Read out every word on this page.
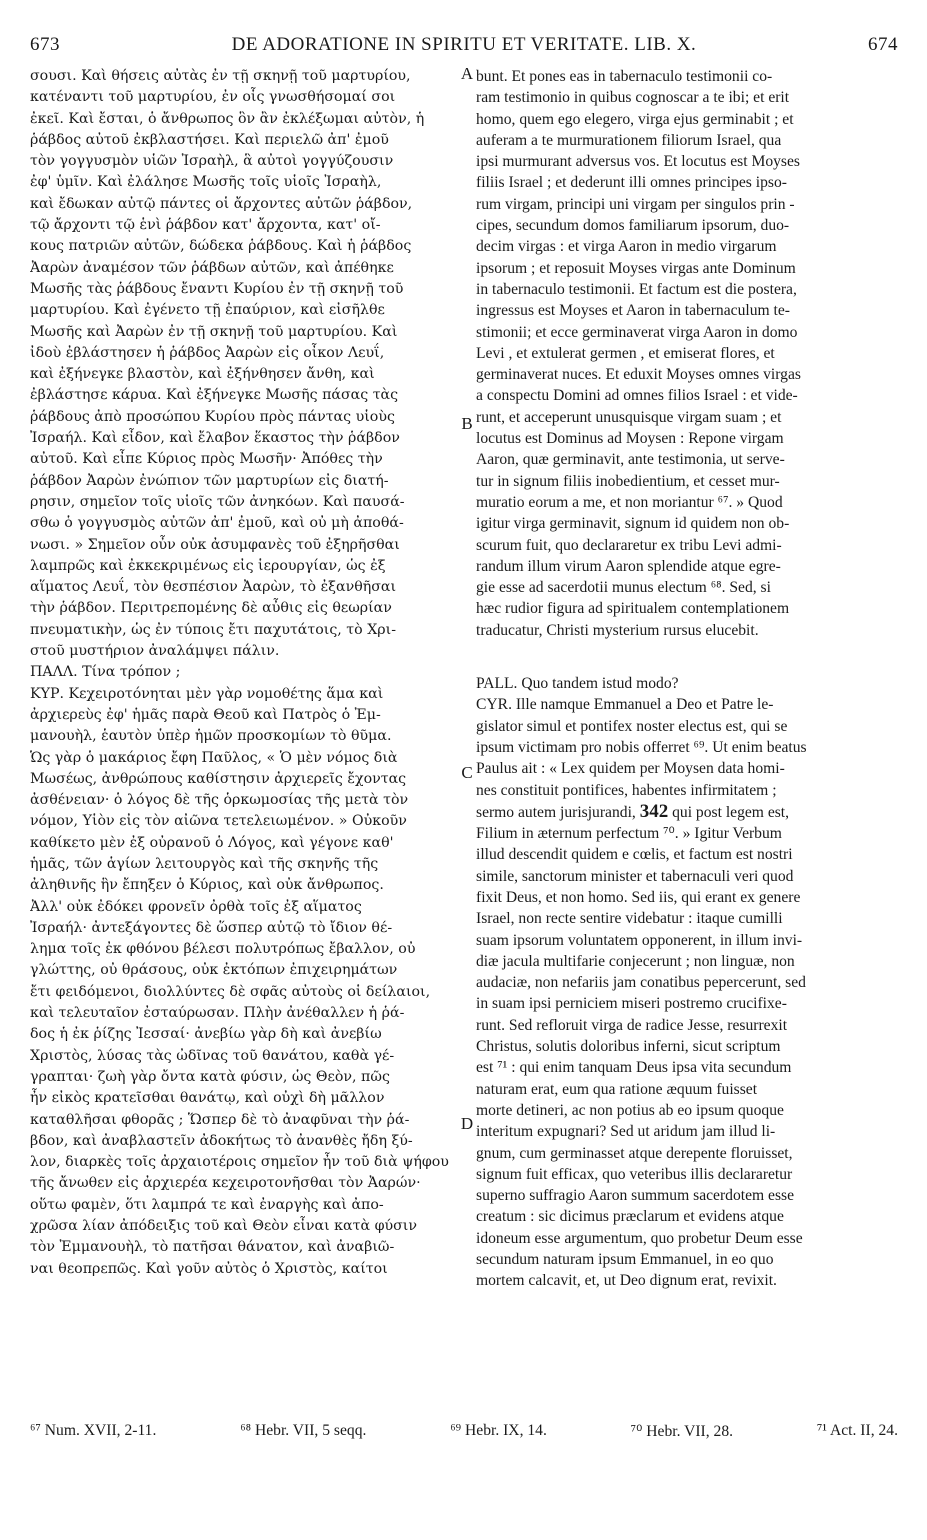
673	DE ADORATIONE IN SPIRITU ET VERITATE. LIB. X.	674
σουσι. Καὶ θήσεις αὐτὰς ἐν τῇ σκηνῇ τοῦ μαρτυρίου,
κατέναντι τοῦ μαρτυρίου, ἐν οἷς γνωσθήσομαί σοι
ἐκεῖ. Καὶ ἔσται, ὁ ἄνθρωπος ὃν ἂν ἐκλέξωμαι αὐτὸν, ἡ
ῥάβδος αὐτοῦ ἐκβλαστήσει. Καὶ περιελῶ ἀπ' ἐμοῦ
τὸν γογγυσμὸν υἱῶν Ἰσραὴλ, ἃ αὐτοὶ γογγύζουσιν
ἐφ' ὑμῖν. Καὶ ἐλάλησε Μωσῆς τοῖς υἱοῖς Ἰσραὴλ,
καὶ ἔδωκαν αὐτῷ πάντες οἱ ἄρχοντες αὐτῶν ῥάβδον,
τῷ ἄρχοντι τῷ ἑνὶ ῥάβδον κατ' ἄρχοντα, κατ' οἴ-
κους πατριῶν αὐτῶν, δώδεκα ῥάβδους. Καὶ ἡ ῥάβδος
Ἀαρὼν ἀναμέσον τῶν ῥάβδων αὐτῶν, καὶ ἀπέθηκε
Μωσῆς τὰς ῥάβδους ἔναντι Κυρίου ἐν τῇ σκηνῇ τοῦ
μαρτυρίου. Καὶ ἐγένετο τῇ ἐπαύριον, καὶ εἰσῆλθε
Μωσῆς καὶ Ἀαρὼν ἐν τῇ σκηνῇ τοῦ μαρτυρίου. Καὶ
ἰδοὺ ἐβλάστησεν ἡ ῥάβδος Ἀαρὼν εἰς οἶκον Λευΐ,
καὶ ἐξήνεγκε βλαστὸν, καὶ ἐξήνθησεν ἄνθη, καὶ
ἐβλάστησε κάρυα. Καὶ ἐξήνεγκε Μωσῆς πάσας τὰς
ῥάβδους ἀπὸ προσώπου Κυρίου πρὸς πάντας υἱοὺς
Ἰσραήλ. Καὶ εἶδον, καὶ ἔλαβον ἕκαστος τὴν ῥάβδον
αὐτοῦ. Καὶ εἶπε Κύριος πρὸς Μωσῆν· Ἀπόθες τὴν
ῥάβδον Ἀαρὼν ἐνώπιον τῶν μαρτυρίων εἰς διατή-
ρησιν, σημεῖον τοῖς υἱοῖς τῶν ἀνηκόων. Καὶ παυσά-
σθω ὁ γογγυσμὸς αὐτῶν ἀπ' ἐμοῦ, καὶ οὐ μὴ ἀποθά-
νωσι. » Σημεῖον οὖν οὐκ ἀσυμφανὲς τοῦ ἐξηρῆσθαι
λαμπρῶς καὶ ἐκκεκριμένως εἰς ἱερουργίαν, ὡς ἐξ
αἵματος Λευΐ, τὸν θεσπέσιον Ἀαρὼν, τὸ ἐξανθῆσαι
τὴν ῥάβδον. Περιτρεπομένης δὲ αὖθις εἰς θεωρίαν
πνευματικὴν, ὡς ἐν τύποις ἔτι παχυτάτοις, τὸ Χρι-
στοῦ μυστήριον ἀναλάμψει πάλιν.
ΠΑΛΛ. Τίνα τρόπον ;
ΚΥΡ. Κεχειροτόνηται μὲν γὰρ νομοθέτης ἅμα καὶ
ἀρχιερεὺς ἐφ' ἡμᾶς παρὰ Θεοῦ καὶ Πατρὸς ὁ Ἐμ-
μανουὴλ, ἑαυτὸν ὑπὲρ ἡμῶν προσκομίων τὸ θῦμα.
Ὡς γὰρ ὁ μακάριος ἔφη Παῦλος, « Ὁ μὲν νόμος διὰ
Μωσέως, ἀνθρώπους καθίστησιν ἀρχιερεῖς ἔχοντας
ἀσθένειαν· ὁ λόγος δὲ τῆς ὁρκωμοσίας τῆς μετὰ τὸν
νόμον, Υἱὸν εἰς τὸν αἰῶνα τετελειωμένον. » Οὐκοῦν
καθίκετο μὲν ἐξ οὐρανοῦ ὁ Λόγος, καὶ γέγονε καθ'
ἡμᾶς, τῶν ἁγίων λειτουργὸς καὶ τῆς σκηνῆς τῆς
ἀληθινῆς ἣν ἔπηξεν ὁ Κύριος, καὶ οὐκ ἄνθρωπος.
Ἀλλ' οὐκ ἐδόκει φρονεῖν ὀρθὰ τοῖς ἐξ αἵματος
Ἰσραήλ· ἀντεξάγοντες δὲ ὥσπερ αὐτῷ τὸ ἴδιον θέ-
λημα τοῖς ἐκ φθόνου βέλεσι πολυτρόπως ἔβαλλον, οὐ
γλώττης, οὐ θράσους, οὐκ ἐκτόπων ἐπιχειρημάτων
ἔτι φειδόμενοι, διολλύντες δὲ σφᾶς αὐτοὺς οἱ δείλαιοι,
καὶ τελευταῖον ἐσταύρωσαν. Πλὴν ἀνέθαλλεν ἡ ῥά-
δος ἡ ἐκ ῥίζης Ἰεσσαί· ἀνεβίω γὰρ δὴ καὶ ἀνεβίω
Χριστὸς, λύσας τὰς ὠδῖνας τοῦ θανάτου, καθὰ γέ-
γραπται· ζωὴ γὰρ ὄντα κατὰ φύσιν, ὡς Θεὸν, πῶς
ἦν εἰκὸς κρατεῖσθαι θανάτῳ, καὶ οὐχὶ δὴ μᾶλλον
καταθλῆσαι φθορᾶς ; Ὥσπερ δὲ τὸ ἀναφῦναι τὴν ῥά-
βδον, καὶ ἀναβλαστεῖν ἀδοκήτως τὸ ἀνανθὲς ἤδη ξύ-
λον, διαρκὲς τοῖς ἀρχαιοτέροις σημεῖον ἦν τοῦ διὰ ψήφου
τῆς ἄνωθεν εἰς ἀρχιερέα κεχειροτονῆσθαι τὸν Ἀαρών·
οὕτω φαμὲν, ὅτι λαμπρά τε καὶ ἐναργὴς καὶ ἀπο-
χρῶσα λίαν ἀπόδειξις τοῦ καὶ Θεὸν εἶναι κατὰ φύσιν
τὸν Ἐμμανουὴλ, τὸ πατῆσαι θάνατον, καὶ ἀναβιῶ-
ναι θεοπρεπῶς. Καὶ γοῦν αὐτὸς ὁ Χριστὸς, καίτοι
bunt. Et pones eas in tabernaculo testimonii co-
ram testimonio in quibus cognoscar a te ibi; et erit
homo, quem ego elegero, virga ejus germinabit ; et
auferam a te murmurationem filiorum Israel, qua
ipsi murmurant adversus vos. Et locutus est Moyses
filiis Israel ; et dederunt illi omnes principes ipso-
rum virgam, principi uni virgam per singulos prin -
cipes, secundum domos familiarum ipsorum, duo-
decim virgas : et virga Aaron in medio virgarum
ipsorum ; et reposuit Moyses virgas ante Dominum
in tabernaculo testimonii. Et factum est die postera,
ingressus est Moyses et Aaron in tabernaculum te-
stimonii; et ecce germinaverat virga Aaron in domo
Levi , et extulerat germen , et emiserat flores, et
germinaverat nuces. Et eduxit Moyses omnes virgas
a conspectu Domini ad omnes filios Israel : et vide-
runt, et acceperunt unusquisque virgam suam ; et
locutus est Dominus ad Moysen : Repone virgam
Aaron, quæ germinavit, ante testimonia, ut serve-
tur in signum filiis inobedientium, et cesset mur-
muratio eorum a me, et non moriantur ⁶⁷. » Quod
igitur virga germinavit, signum id quidem non ob-
scurum fuit, quo declararetur ex tribu Levi admi-
randum illum virum Aaron splendide atque egre-
gie esse ad sacerdotii munus electum ⁶⁸. Sed, si
hæc rudior figura ad spiritualem contemplationem
traducatur, Christi mysterium rursus elucebit.
PALL. Quo tandem istud modo?
CYR. Ille namque Emmanuel a Deo et Patre le-
gislator simul et pontifex noster electus est, qui se
ipsum victimam pro nobis offerret ⁶⁹. Ut enim beatus
Paulus ait : « Lex quidem per Moysen data homi-
nes constituit pontifices, habentes infirmitatem ;
sermo autem jurisjurandi, 342 qui post legem est,
Filium in æternum perfectum ⁷⁰. » Igitur Verbum
illud descendit quidem e cœlis, et factum est nostri
simile, sanctorum minister et tabernaculi veri quod
fixit Deus, et non homo. Sed iis, qui erant ex genere
Israel, non recte sentire videbatur : itaque cumilli
suam ipsorum voluntatem opponerent, in illum invi-
diæ jacula multifarie conjecerunt ; non linguæ, non
audaciæ, non nefariis jam conatibus pepercerunt, sed
in suam ipsi perniciem miseri postremo crucifixe-
runt. Sed refloruit virga de radice Jesse, resurrexit
Christus, solutis doloribus inferni, sicut scriptum
est ⁷¹ : qui enim tanquam Deus ipsa vita secundum
naturam erat, eum qua ratione æquum fuisset
morte detineri, ac non potius ab eo ipsum quoque
interitum expugnari? Sed ut aridum jam illud li-
gnum, cum germinasset atque derepente floruisset,
signum fuit efficax, quo veteribus illis declararetur
superno suffragio Aaron summum sacerdotem esse
creatum : sic dicimus præclarum et evidens atque
idoneum esse argumentum, quo probetur Deum esse
secundum naturam ipsum Emmanuel, in eo quo
mortem calcavit, et, ut Deo dignum erat, revixit.
A
B
C
D
⁶⁷ Num. XVII, 2-11.	⁶⁸ Hebr. VII, 5 seqq.	⁶⁹ Hebr. IX, 14.	⁷⁰ Hebr. VII, 28.	⁷¹ Act. II, 24.
